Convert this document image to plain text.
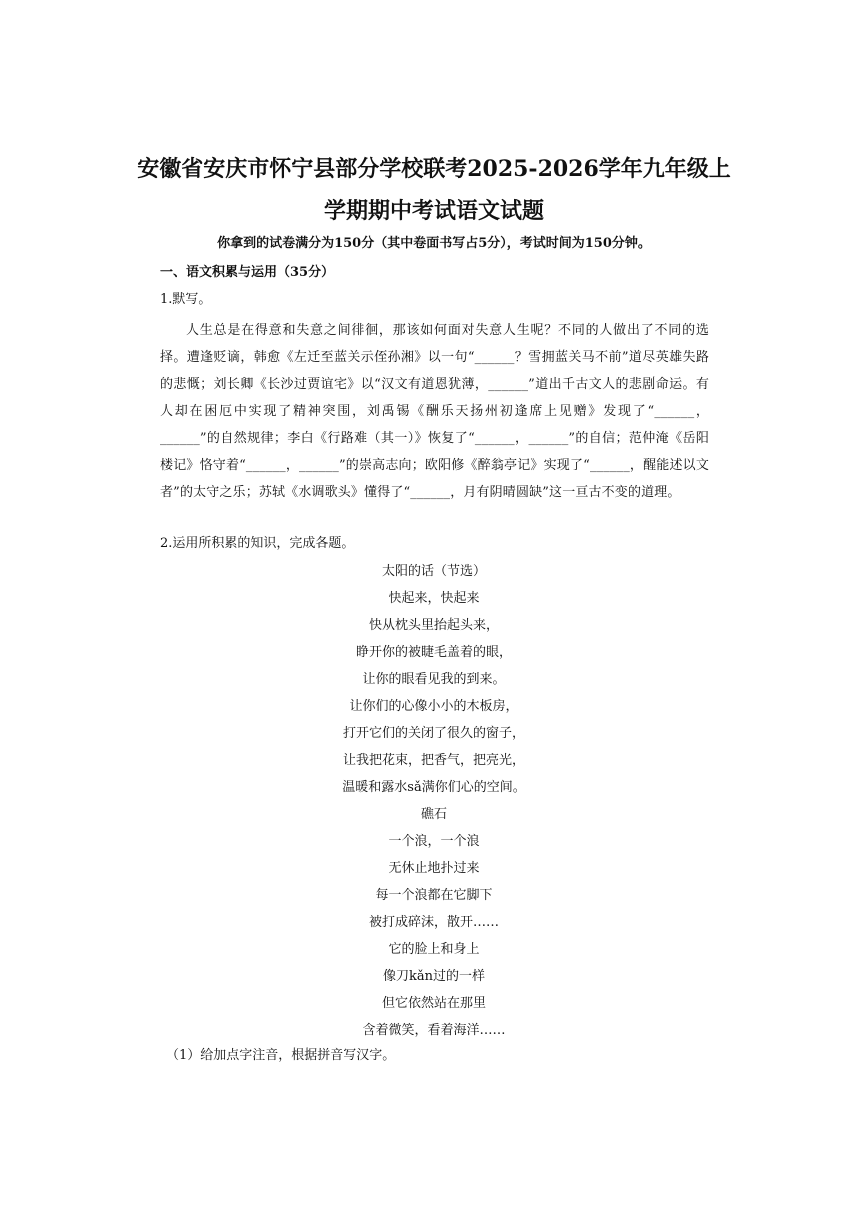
安徽省安庆市怀宁县部分学校联考2025-2026学年九年级上
学期期中考试语文试题
你拿到的试卷满分为150分（其中卷面书写占5分），考试时间为150分钟。
一、语文积累与运用（35分）
1.默写。
人生总是在得意和失意之间徘徊，那该如何面对失意人生呢？不同的人做出了不同的选择。遭逢贬谪，韩愈《左迁至蓝关示侄孙湘》以一句“______？雪拥蓝关马不前”道尽英雄失路的悲慨；刘长卿《长沙过贾谊宅》以“汉文有道恩犹薄，______”道出千古文人的悲剧命运。有人却在困厄中实现了精神突围，刘禹锡《酬乐天扬州初逢席上见赠》发现了“______，______”的自然规律；李白《行路难（其一）》恢复了“______，______”的自信；范仲淹《岳阳楼记》恪守着“______，______”的崇高志向；欧阳修《醉翁亭记》实现了“______，醒能述以文者”的太守之乐；苏轼《水调歌头》懂得了“______，月有阴晴圆缺”这一亘古不变的道理。
2.运用所积累的知识，完成各题。
太阳的话（节选）
快起来，快起来
快从枕头里抬起头来，
睁开你的被睫毛盖着的眼，
让你的眼看见我的到来。
让你们的心像小小的木板房，
打开它们的关闭了很久的窗子，
让我把花束，把香气，把亮光，
温暖和露水sǎ满你们心的空间。
礁石
一个浪，一个浪
无休止地扑过来
每一个浪都在它脚下
被打成碎沫，散开……
它的脸上和身上
像刀kǎn过的一样
但它依然站在那里
含着微笑，看着海洋……
（1）给加点字注音，根据拼音写汉字。
